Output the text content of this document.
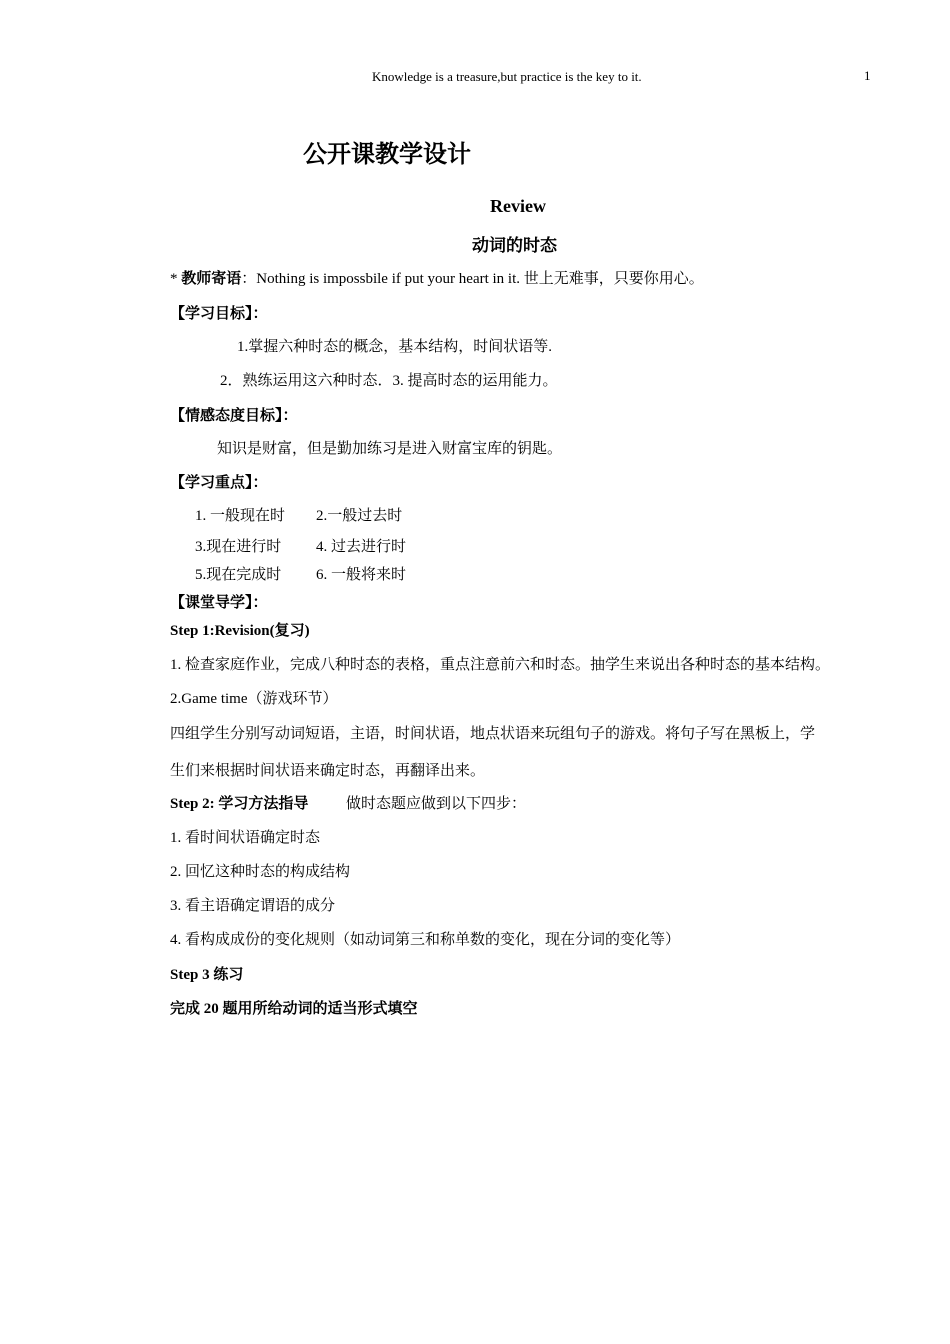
Knowledge is a treasure,but practice is the key to it.	1
公开课教学设计
Review
动词的时态
* 教师寄语：Nothing is impossbile if put your heart in it. 世上无难事，只要你用心。
【学习目标】：
1.掌握六种时态的概念，基本结构，时间状语等.
2．熟练运用这六种时态．3. 提高时态的运用能力。
【情感态度目标】：
知识是财富，但是勤加练习是进入财富宝库的钥匙。
【学习重点】：
1. 一般现在时 2.一般过去时
3.现在进行时 4. 过去进行时
5.现在完成时 6. 一般将来时
【课堂导学】：
Step 1:Revision(复习)
1. 检查家庭作业，完成八种时态的表格，重点注意前六和时态。抽学生来说出各种时态的基本结构。
2.Game time（游戏环节）
四组学生分别写动词短语，主语，时间状语，地点状语来玩组句子的游戏。将句子写在黑板上，学
生们来根据时间状语来确定时态，再翻译出来。
Step 2: 学习方法指导	做时态题应做到以下四步：
1. 看时间状语确定时态
2. 回忆这种时态的构成结构
3. 看主语确定谓语的成分
4. 看构成成份的变化规则（如动词第三和称单数的变化，现在分词的变化等）
Step 3 练习
完成 20 题用所给动词的适当形式填空
